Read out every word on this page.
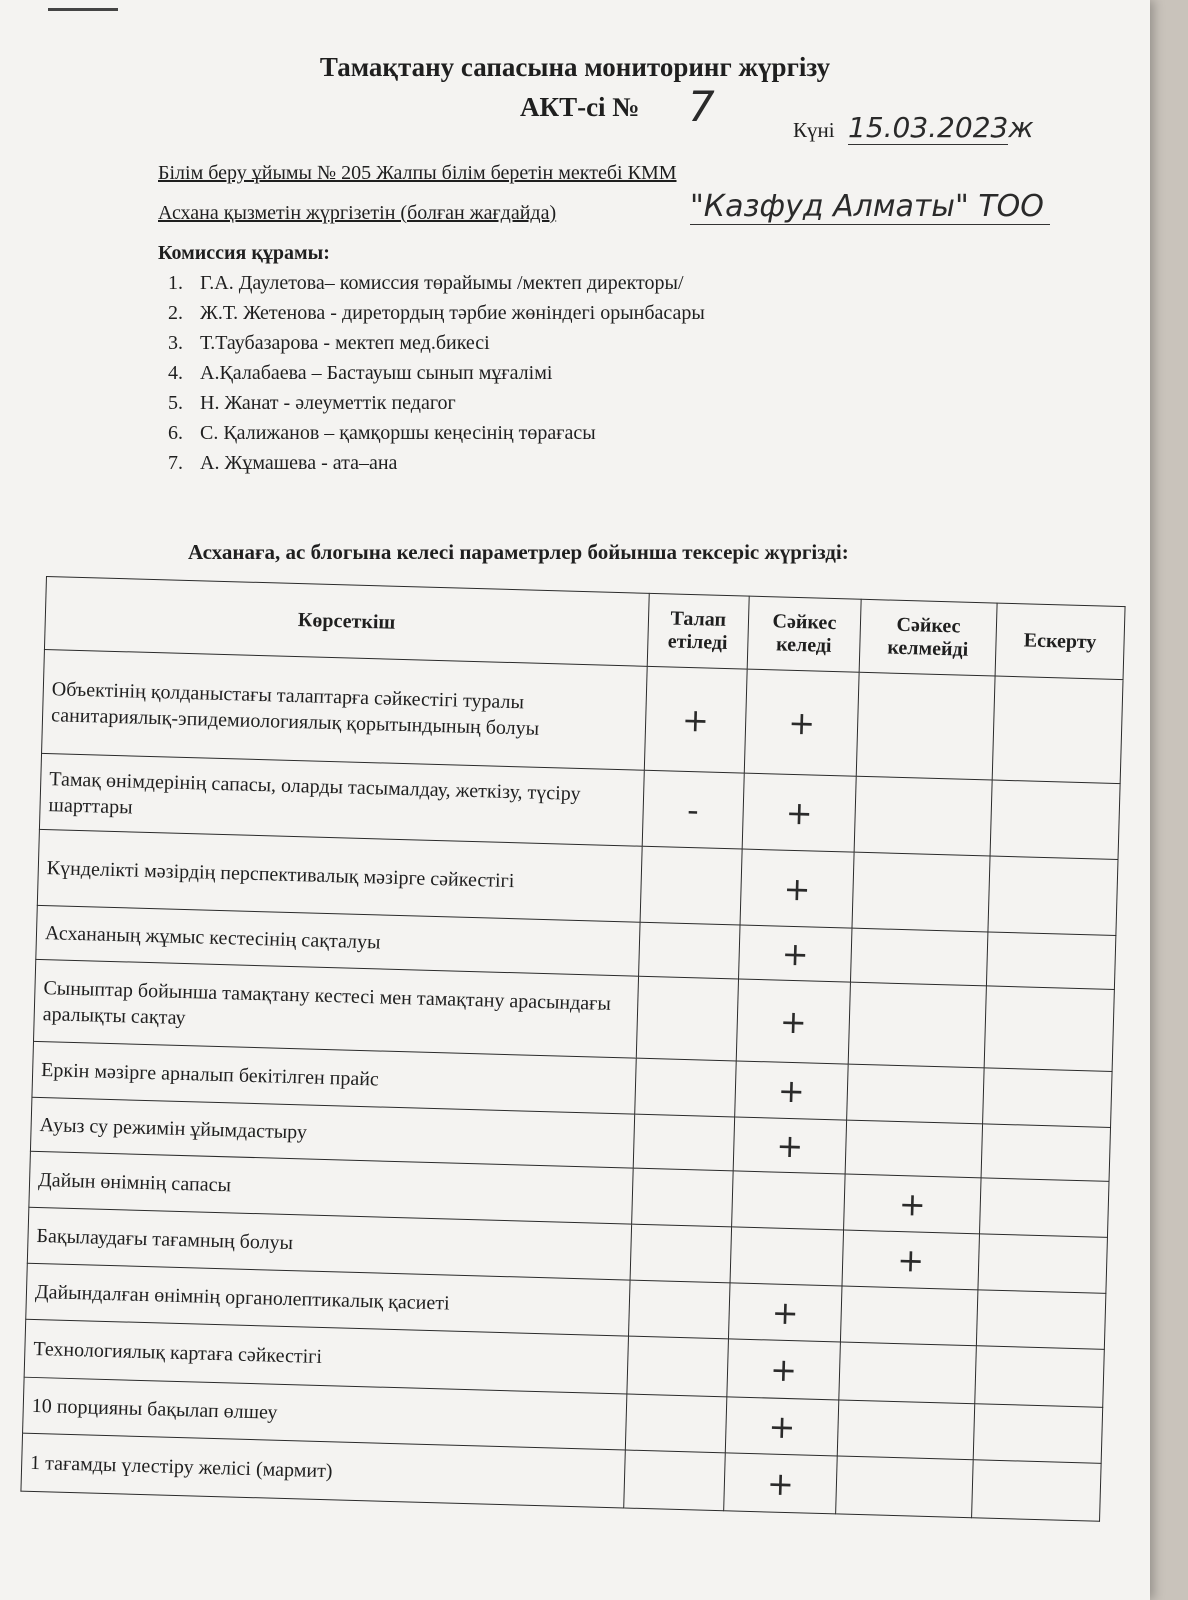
Тамақтану сапасына мониторинг жүргізу
АКТ-сі № 7	Күні 15.03.2023ж
Білім беру ұйымы № 205 Жалпы білім беретін мектебі КММ
Асхана қызметін жүргізетін (болған жағдайда)	"Казфуд Алматы" ТОО
Комиссия құрамы:
1. Г.А. Даулетова– комиссия төрайымы /мектеп директоры/
2. Ж.Т. Жетенова - диретордың тәрбие жөніндегі орынбасары
3. Т.Таубазарова - мектеп мед.бикесі
4. А.Қалабаева – Бастауыш сынып мұғалімі
5. Н. Жанат - әлеуметтік педагог
6. С. Қалижанов – қамқоршы кеңесінің төрағасы
7. А. Жұмашева - ата–ана
Асханаға, ас блогына келесі параметрлер бойынша тексеріс жүргізді:
Көрсеткіш	Талап етіледі	Сәйкес келеді	Сәйкес келмейді	Ескерту
Объектінің қолданыстағы талаптарға сәйкестігі туралы санитариялық-эпидемиологиялық қорытындының болуы	+	+		
Тамақ өнімдерінің сапасы, оларды тасымалдау, жеткізу, түсіру шарттары	-	+		
Күнделікті мәзірдің перспективалық мәзірге сәйкестігі		+		
Асхананың жұмыс кестесінің сақталуы		+		
Сыныптар бойынша тамақтану кестесі мен тамақтану арасындағы аралықты сақтау		+		
Еркін мәзірге арналып бекітілген прайс		+		
Ауыз су режимін ұйымдастыру		+		
Дайын өнімнің сапасы			+	
Бақылаудағы тағамның болуы			+	
Дайындалған өнімнің органолептикалық қасиеті		+		
Технологиялық картаға сәйкестігі		+		
10 порцияны бақылап өлшеу		+		
1 тағамды үлестіру желісі (мармит)		+		
